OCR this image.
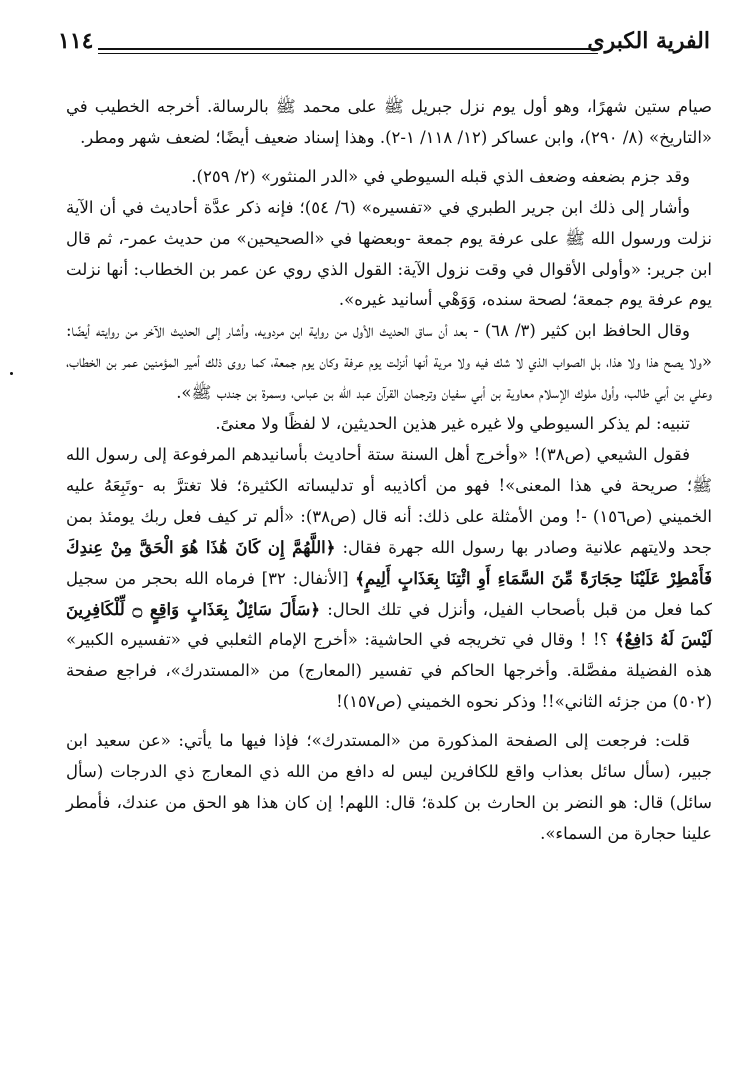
الفرية الكبرى
١١٤

صيام ستين شهرًا، وهو أول يوم نزل جبريل ﷺ على محمد ﷺ بالرسالة. أخرجه الخطيب في «التاريخ» (٨/ ٢٩٠)، وابن عساكر (١٢/ ١١٨/ ١-٢). وهذا إسناد ضعيف أيضًا؛ لضعف شهر ومطر.

وقد جزم بضعفه وضعف الذي قبله السيوطي في «الدر المنثور» (٢/ ٢٥٩).

وأشار إلى ذلك ابن جرير الطبري في «تفسيره» (٦/ ٥٤)؛ فإنه ذكر عدَّة أحاديث في أن الآية نزلت ورسول الله ﷺ على عرفة يوم جمعة -وبعضها في «الصحيحين» من حديث عمر-، ثم قال ابن جرير: «وأولى الأقوال في وقت نزول الآية: القول الذي روي عن عمر بن الخطاب: أنها نزلت يوم عرفة يوم جمعة؛ لصحة سنده، وَوَهْي أسانيد غيره».

وقال الحافظ ابن كثير (٣/ ٦٨) - بعد أن ساق الحديث الأول من رواية ابن مردويه، وأشار إلى الحديث الآخر من روايته أيضًا: «ولا يصح هذا ولا هذا، بل الصواب الذي لا شك فيه ولا مرية أنها أنزلت يوم عرفة وكان يوم جمعة، كما روى ذلك أمير المؤمنين عمر بن الخطاب، وعلي بن أبي طالب، وأول ملوك الإسلام معاوية بن أبي سفيان وترجمان القرآن عبد الله بن عباس، وسمرة بن جندب ﷺ».

تنبيه: لم يذكر السيوطي ولا غيره غير هذين الحديثين، لا لفظًا ولا معنىً.

فقول الشيعي (ص٣٨)! «وأخرج أهل السنة ستة أحاديث بأسانيدهم المرفوعة إلى رسول الله ﷺ؛ صريحة في هذا المعنى»! فهو من أكاذيبه أو تدليساته الكثيرة؛ فلا تغترَّ به -وتَبِعَهُ عليه الخميني (ص١٥٦) -! ومن الأمثلة على ذلك: أنه قال (ص٣٨): «ألم تر كيف فعل ربك يومئذ بمن جحد ولايتهم علانية وصادر بها رسول الله جهرة فقال: ﴿اللَّهُمَّ إِن كَانَ هَٰذَا هُوَ الْحَقَّ مِنْ عِندِكَ فَأَمْطِرْ عَلَيْنَا حِجَارَةً مِّنَ السَّمَاءِ أَوِ ائْتِنَا بِعَذَابٍ أَلِيمٍ﴾ [الأنفال: ٣٢] فرماه الله بحجر من سجيل كما فعل من قبل بأصحاب الفيل، وأنزل في تلك الحال: ﴿سَأَلَ سَائِلٌ بِعَذَابٍ وَاقِعٍ ۝ لِّلْكَافِرِينَ لَيْسَ لَهُ دَافِعٌ﴾ ؟! ! وقال في تخريجه في الحاشية: «أخرج الإمام الثعلبي في «تفسيره الكبير» هذه الفضيلة مفصَّلة. وأخرجها الحاكم في تفسير (المعارج) من «المستدرك»، فراجع صفحة (٥٠٢) من جزئه الثاني»!! وذكر نحوه الخميني (ص١٥٧)!

قلت: فرجعت إلى الصفحة المذكورة من «المستدرك»؛ فإذا فيها ما يأتي: «عن سعيد ابن جبير، (سأل سائل بعذاب واقع للكافرين ليس له دافع من الله ذي المعارج ذي الدرجات (سأل سائل) قال: هو النضر بن الحارث بن كلدة؛ قال: اللهم! إن كان هذا هو الحق من عندك، فأمطر علينا حجارة من السماء».
